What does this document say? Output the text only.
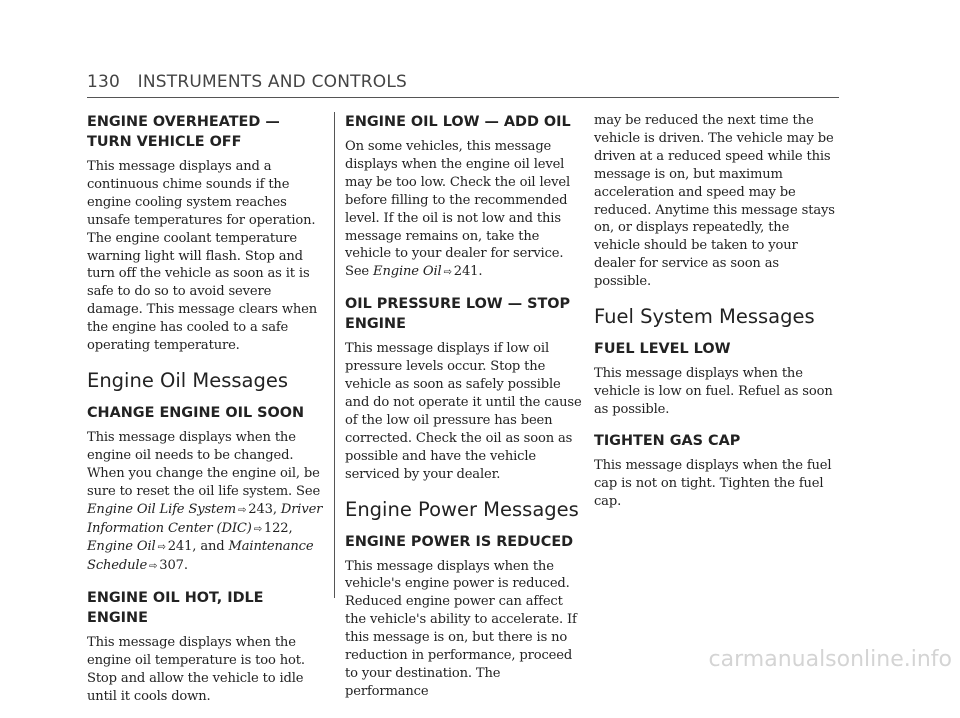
130 INSTRUMENTS AND CONTROLS
ENGINE OVERHEATED — TURN VEHICLE OFF

This message displays and a continuous chime sounds if the engine cooling system reaches unsafe temperatures for operation. The engine coolant temperature warning light will flash. Stop and turn off the vehicle as soon as it is safe to do so to avoid severe damage. This message clears when the engine has cooled to a safe operating temperature.

Engine Oil Messages
CHANGE ENGINE OIL SOON

This message displays when the engine oil needs to be changed. When you change the engine oil, be sure to reset the oil life system. See Engine Oil Life System ⇨ 243, Driver Information Center (DIC) ⇨ 122, Engine Oil ⇨ 241, and Maintenance Schedule ⇨ 307.

ENGINE OIL HOT, IDLE ENGINE

This message displays when the engine oil temperature is too hot. Stop and allow the vehicle to idle until it cools down.

ENGINE OIL LOW — ADD OIL

On some vehicles, this message displays when the engine oil level may be too low. Check the oil level before filling to the recommended level. If the oil is not low and this message remains on, take the vehicle to your dealer for service. See Engine Oil ⇨ 241.

OIL PRESSURE LOW — STOP ENGINE

This message displays if low oil pressure levels occur. Stop the vehicle as soon as safely possible and do not operate it until the cause of the low oil pressure has been corrected. Check the oil as soon as possible and have the vehicle serviced by your dealer.

Engine Power Messages
ENGINE POWER IS REDUCED

This message displays when the vehicle's engine power is reduced. Reduced engine power can affect the vehicle's ability to accelerate. If this message is on, but there is no reduction in performance, proceed to your destination. The performance

may be reduced the next time the vehicle is driven. The vehicle may be driven at a reduced speed while this message is on, but maximum acceleration and speed may be reduced. Anytime this message stays on, or displays repeatedly, the vehicle should be taken to your dealer for service as soon as possible.

Fuel System Messages
FUEL LEVEL LOW

This message displays when the vehicle is low on fuel. Refuel as soon as possible.

TIGHTEN GAS CAP

This message displays when the fuel cap is not on tight. Tighten the fuel cap.

carmanualsonline.info
